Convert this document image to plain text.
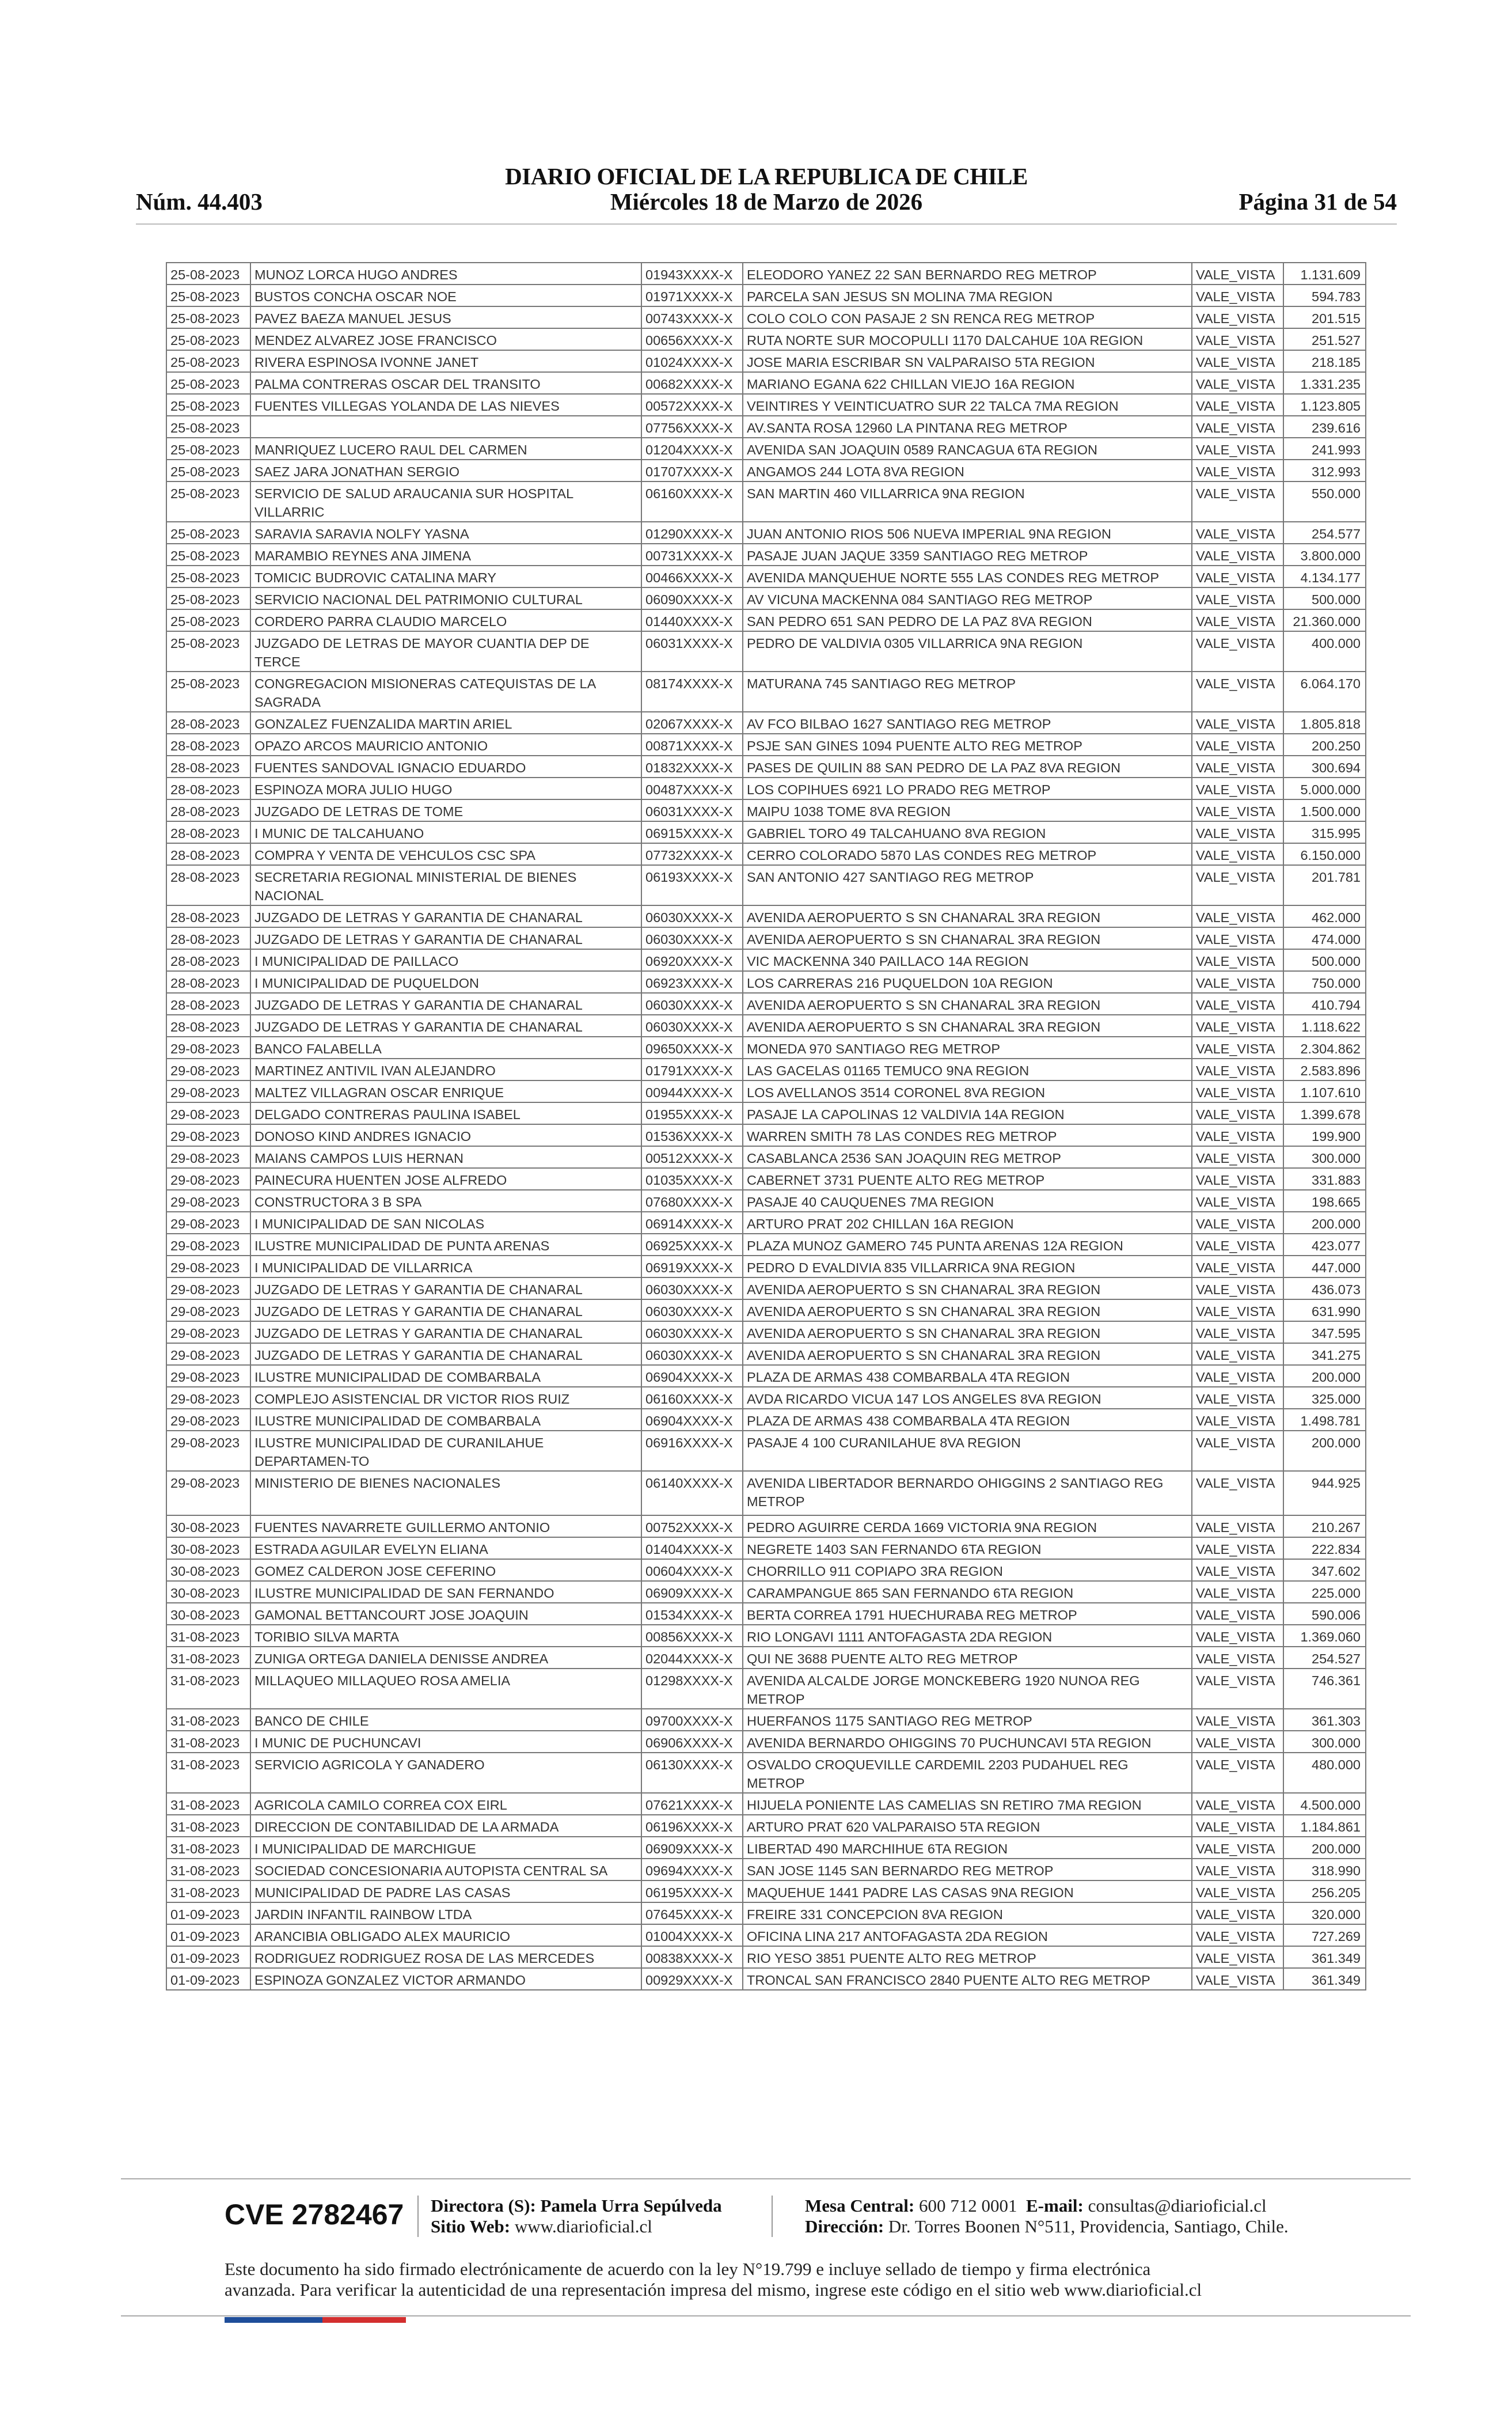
DIARIO OFICIAL DE LA REPUBLICA DE CHILE
Núm. 44.403	Miércoles 18 de Marzo de 2026	Página 31 de 54
25-08-2023	MUNOZ LORCA HUGO ANDRES	01943XXXX-X	ELEODORO YANEZ 22 SAN BERNARDO REG METROP	VALE_VISTA	1.131.609
25-08-2023	BUSTOS CONCHA OSCAR NOE	01971XXXX-X	PARCELA SAN JESUS SN MOLINA 7MA REGION	VALE_VISTA	594.783
25-08-2023	PAVEZ BAEZA MANUEL JESUS	00743XXXX-X	COLO COLO CON PASAJE 2 SN RENCA REG METROP	VALE_VISTA	201.515
25-08-2023	MENDEZ ALVAREZ JOSE FRANCISCO	00656XXXX-X	RUTA NORTE SUR MOCOPULLI 1170 DALCAHUE 10A REGION	VALE_VISTA	251.527
25-08-2023	RIVERA ESPINOSA IVONNE JANET	01024XXXX-X	JOSE MARIA ESCRIBAR SN VALPARAISO 5TA REGION	VALE_VISTA	218.185
25-08-2023	PALMA CONTRERAS OSCAR DEL TRANSITO	00682XXXX-X	MARIANO EGANA 622 CHILLAN VIEJO 16A REGION	VALE_VISTA	1.331.235
25-08-2023	FUENTES VILLEGAS YOLANDA DE LAS NIEVES	00572XXXX-X	VEINTIRES Y VEINTICUATRO SUR 22 TALCA 7MA REGION	VALE_VISTA	1.123.805
25-08-2023		07756XXXX-X	AV.SANTA ROSA 12960 LA PINTANA REG METROP	VALE_VISTA	239.616
25-08-2023	MANRIQUEZ LUCERO RAUL DEL CARMEN	01204XXXX-X	AVENIDA SAN JOAQUIN 0589 RANCAGUA 6TA REGION	VALE_VISTA	241.993
25-08-2023	SAEZ JARA JONATHAN SERGIO	01707XXXX-X	ANGAMOS 244 LOTA 8VA REGION	VALE_VISTA	312.993
25-08-2023	SERVICIO DE SALUD ARAUCANIA SUR HOSPITAL VILLARRIC	06160XXXX-X	SAN MARTIN 460 VILLARRICA 9NA REGION	VALE_VISTA	550.000
25-08-2023	SARAVIA SARAVIA NOLFY YASNA	01290XXXX-X	JUAN ANTONIO RIOS 506 NUEVA IMPERIAL 9NA REGION	VALE_VISTA	254.577
25-08-2023	MARAMBIO REYNES ANA JIMENA	00731XXXX-X	PASAJE JUAN JAQUE 3359 SANTIAGO REG METROP	VALE_VISTA	3.800.000
25-08-2023	TOMICIC BUDROVIC CATALINA MARY	00466XXXX-X	AVENIDA MANQUEHUE NORTE 555 LAS CONDES REG METROP	VALE_VISTA	4.134.177
25-08-2023	SERVICIO NACIONAL DEL PATRIMONIO CULTURAL	06090XXXX-X	AV VICUNA MACKENNA 084 SANTIAGO REG METROP	VALE_VISTA	500.000
25-08-2023	CORDERO PARRA CLAUDIO MARCELO	01440XXXX-X	SAN PEDRO 651 SAN PEDRO DE LA PAZ 8VA REGION	VALE_VISTA	21.360.000
25-08-2023	JUZGADO DE LETRAS DE MAYOR CUANTIA DEP DE TERCE	06031XXXX-X	PEDRO DE VALDIVIA 0305 VILLARRICA 9NA REGION	VALE_VISTA	400.000
25-08-2023	CONGREGACION MISIONERAS CATEQUISTAS DE LA SAGRADA	08174XXXX-X	MATURANA 745 SANTIAGO REG METROP	VALE_VISTA	6.064.170
28-08-2023	GONZALEZ FUENZALIDA MARTIN ARIEL	02067XXXX-X	AV FCO BILBAO 1627 SANTIAGO REG METROP	VALE_VISTA	1.805.818
28-08-2023	OPAZO ARCOS MAURICIO ANTONIO	00871XXXX-X	PSJE SAN GINES 1094 PUENTE ALTO REG METROP	VALE_VISTA	200.250
28-08-2023	FUENTES SANDOVAL IGNACIO EDUARDO	01832XXXX-X	PASES DE QUILIN 88 SAN PEDRO DE LA PAZ 8VA REGION	VALE_VISTA	300.694
28-08-2023	ESPINOZA MORA JULIO HUGO	00487XXXX-X	LOS COPIHUES 6921 LO PRADO REG METROP	VALE_VISTA	5.000.000
28-08-2023	JUZGADO DE LETRAS DE TOME	06031XXXX-X	MAIPU 1038 TOME 8VA REGION	VALE_VISTA	1.500.000
28-08-2023	I MUNIC DE TALCAHUANO	06915XXXX-X	GABRIEL TORO 49 TALCAHUANO 8VA REGION	VALE_VISTA	315.995
28-08-2023	COMPRA Y VENTA DE VEHCULOS CSC SPA	07732XXXX-X	CERRO COLORADO 5870 LAS CONDES REG METROP	VALE_VISTA	6.150.000
28-08-2023	SECRETARIA REGIONAL MINISTERIAL DE BIENES NACIONAL	06193XXXX-X	SAN ANTONIO 427 SANTIAGO REG METROP	VALE_VISTA	201.781
28-08-2023	JUZGADO DE LETRAS Y GARANTIA DE CHANARAL	06030XXXX-X	AVENIDA AEROPUERTO S SN CHANARAL 3RA REGION	VALE_VISTA	462.000
28-08-2023	JUZGADO DE LETRAS Y GARANTIA DE CHANARAL	06030XXXX-X	AVENIDA AEROPUERTO S SN CHANARAL 3RA REGION	VALE_VISTA	474.000
28-08-2023	I MUNICIPALIDAD DE PAILLACO	06920XXXX-X	VIC MACKENNA 340 PAILLACO 14A REGION	VALE_VISTA	500.000
28-08-2023	I MUNICIPALIDAD DE PUQUELDON	06923XXXX-X	LOS CARRERAS 216 PUQUELDON 10A REGION	VALE_VISTA	750.000
28-08-2023	JUZGADO DE LETRAS Y GARANTIA DE CHANARAL	06030XXXX-X	AVENIDA AEROPUERTO S SN CHANARAL 3RA REGION	VALE_VISTA	410.794
28-08-2023	JUZGADO DE LETRAS Y GARANTIA DE CHANARAL	06030XXXX-X	AVENIDA AEROPUERTO S SN CHANARAL 3RA REGION	VALE_VISTA	1.118.622
29-08-2023	BANCO FALABELLA	09650XXXX-X	MONEDA 970 SANTIAGO REG METROP	VALE_VISTA	2.304.862
29-08-2023	MARTINEZ ANTIVIL IVAN ALEJANDRO	01791XXXX-X	LAS GACELAS 01165 TEMUCO 9NA REGION	VALE_VISTA	2.583.896
29-08-2023	MALTEZ VILLAGRAN OSCAR ENRIQUE	00944XXXX-X	LOS AVELLANOS 3514 CORONEL 8VA REGION	VALE_VISTA	1.107.610
29-08-2023	DELGADO CONTRERAS PAULINA ISABEL	01955XXXX-X	PASAJE LA CAPOLINAS 12 VALDIVIA 14A REGION	VALE_VISTA	1.399.678
29-08-2023	DONOSO KIND ANDRES IGNACIO	01536XXXX-X	WARREN SMITH 78 LAS CONDES REG METROP	VALE_VISTA	199.900
29-08-2023	MAIANS CAMPOS LUIS HERNAN	00512XXXX-X	CASABLANCA 2536 SAN JOAQUIN REG METROP	VALE_VISTA	300.000
29-08-2023	PAINECURA HUENTEN JOSE ALFREDO	01035XXXX-X	CABERNET 3731 PUENTE ALTO REG METROP	VALE_VISTA	331.883
29-08-2023	CONSTRUCTORA 3 B SPA	07680XXXX-X	PASAJE 40 CAUQUENES 7MA REGION	VALE_VISTA	198.665
29-08-2023	I MUNICIPALIDAD DE SAN NICOLAS	06914XXXX-X	ARTURO PRAT 202 CHILLAN 16A REGION	VALE_VISTA	200.000
29-08-2023	ILUSTRE MUNICIPALIDAD DE PUNTA ARENAS	06925XXXX-X	PLAZA MUNOZ GAMERO 745 PUNTA ARENAS 12A REGION	VALE_VISTA	423.077
29-08-2023	I MUNICIPALIDAD DE VILLARRICA	06919XXXX-X	PEDRO D EVALDIVIA 835 VILLARRICA 9NA REGION	VALE_VISTA	447.000
29-08-2023	JUZGADO DE LETRAS Y GARANTIA DE CHANARAL	06030XXXX-X	AVENIDA AEROPUERTO S SN CHANARAL 3RA REGION	VALE_VISTA	436.073
29-08-2023	JUZGADO DE LETRAS Y GARANTIA DE CHANARAL	06030XXXX-X	AVENIDA AEROPUERTO S SN CHANARAL 3RA REGION	VALE_VISTA	631.990
29-08-2023	JUZGADO DE LETRAS Y GARANTIA DE CHANARAL	06030XXXX-X	AVENIDA AEROPUERTO S SN CHANARAL 3RA REGION	VALE_VISTA	347.595
29-08-2023	JUZGADO DE LETRAS Y GARANTIA DE CHANARAL	06030XXXX-X	AVENIDA AEROPUERTO S SN CHANARAL 3RA REGION	VALE_VISTA	341.275
29-08-2023	ILUSTRE MUNICIPALIDAD DE COMBARBALA	06904XXXX-X	PLAZA DE ARMAS 438 COMBARBALA 4TA REGION	VALE_VISTA	200.000
29-08-2023	COMPLEJO ASISTENCIAL DR VICTOR RIOS RUIZ	06160XXXX-X	AVDA RICARDO VICUA 147 LOS ANGELES 8VA REGION	VALE_VISTA	325.000
29-08-2023	ILUSTRE MUNICIPALIDAD DE COMBARBALA	06904XXXX-X	PLAZA DE ARMAS 438 COMBARBALA 4TA REGION	VALE_VISTA	1.498.781
29-08-2023	ILUSTRE MUNICIPALIDAD DE CURANILAHUE DEPARTAMEN-TO	06916XXXX-X	PASAJE 4 100 CURANILAHUE 8VA REGION	VALE_VISTA	200.000
29-08-2023	MINISTERIO DE BIENES NACIONALES	06140XXXX-X	AVENIDA LIBERTADOR BERNARDO OHIGGINS 2 SANTIAGO REG METROP	VALE_VISTA	944.925
30-08-2023	FUENTES NAVARRETE GUILLERMO ANTONIO	00752XXXX-X	PEDRO AGUIRRE CERDA 1669 VICTORIA 9NA REGION	VALE_VISTA	210.267
30-08-2023	ESTRADA AGUILAR EVELYN ELIANA	01404XXXX-X	NEGRETE 1403 SAN FERNANDO 6TA REGION	VALE_VISTA	222.834
30-08-2023	GOMEZ CALDERON JOSE CEFERINO	00604XXXX-X	CHORRILLO 911 COPIAPO 3RA REGION	VALE_VISTA	347.602
30-08-2023	ILUSTRE MUNICIPALIDAD DE SAN FERNANDO	06909XXXX-X	CARAMPANGUE 865 SAN FERNANDO 6TA REGION	VALE_VISTA	225.000
30-08-2023	GAMONAL BETTANCOURT JOSE JOAQUIN	01534XXXX-X	BERTA CORREA 1791 HUECHURABA REG METROP	VALE_VISTA	590.006
31-08-2023	TORIBIO SILVA MARTA	00856XXXX-X	RIO LONGAVI 1111 ANTOFAGASTA 2DA REGION	VALE_VISTA	1.369.060
31-08-2023	ZUNIGA ORTEGA DANIELA DENISSE ANDREA	02044XXXX-X	QUI NE 3688 PUENTE ALTO REG METROP	VALE_VISTA	254.527
31-08-2023	MILLAQUEO MILLAQUEO ROSA AMELIA	01298XXXX-X	AVENIDA ALCALDE JORGE MONCKEBERG 1920 NUNOA REG METROP	VALE_VISTA	746.361
31-08-2023	BANCO DE CHILE	09700XXXX-X	HUERFANOS 1175 SANTIAGO REG METROP	VALE_VISTA	361.303
31-08-2023	I MUNIC DE PUCHUNCAVI	06906XXXX-X	AVENIDA BERNARDO OHIGGINS 70 PUCHUNCAVI 5TA REGION	VALE_VISTA	300.000
31-08-2023	SERVICIO AGRICOLA Y GANADERO	06130XXXX-X	OSVALDO CROQUEVILLE CARDEMIL 2203 PUDAHUEL REG METROP	VALE_VISTA	480.000
31-08-2023	AGRICOLA CAMILO CORREA COX EIRL	07621XXXX-X	HIJUELA PONIENTE LAS CAMELIAS SN RETIRO 7MA REGION	VALE_VISTA	4.500.000
31-08-2023	DIRECCION DE CONTABILIDAD DE LA ARMADA	06196XXXX-X	ARTURO PRAT 620 VALPARAISO 5TA REGION	VALE_VISTA	1.184.861
31-08-2023	I MUNICIPALIDAD DE MARCHIGUE	06909XXXX-X	LIBERTAD 490 MARCHIHUE 6TA REGION	VALE_VISTA	200.000
31-08-2023	SOCIEDAD CONCESIONARIA AUTOPISTA CENTRAL SA	09694XXXX-X	SAN JOSE 1145 SAN BERNARDO REG METROP	VALE_VISTA	318.990
31-08-2023	MUNICIPALIDAD DE PADRE LAS CASAS	06195XXXX-X	MAQUEHUE 1441 PADRE LAS CASAS 9NA REGION	VALE_VISTA	256.205
01-09-2023	JARDIN INFANTIL RAINBOW LTDA	07645XXXX-X	FREIRE 331 CONCEPCION 8VA REGION	VALE_VISTA	320.000
01-09-2023	ARANCIBIA OBLIGADO ALEX MAURICIO	01004XXXX-X	OFICINA LINA 217 ANTOFAGASTA 2DA REGION	VALE_VISTA	727.269
01-09-2023	RODRIGUEZ RODRIGUEZ ROSA DE LAS MERCEDES	00838XXXX-X	RIO YESO 3851 PUENTE ALTO REG METROP	VALE_VISTA	361.349
01-09-2023	ESPINOZA GONZALEZ VICTOR ARMANDO	00929XXXX-X	TRONCAL SAN FRANCISCO 2840 PUENTE ALTO REG METROP	VALE_VISTA	361.349
CVE 2782467 Directora (S): Pamela Urra Sepúlveda
Sitio Web: www.diarioficial.cl
Mesa Central: 600 712 0001 E-mail: consultas@diarioficial.cl
Dirección: Dr. Torres Boonen N°511, Providencia, Santiago, Chile.
Este documento ha sido firmado electrónicamente de acuerdo con la ley N°19.799 e incluye sellado de tiempo y firma electrónica
avanzada. Para verificar la autenticidad de una representación impresa del mismo, ingrese este código en el sitio web www.diarioficial.cl
